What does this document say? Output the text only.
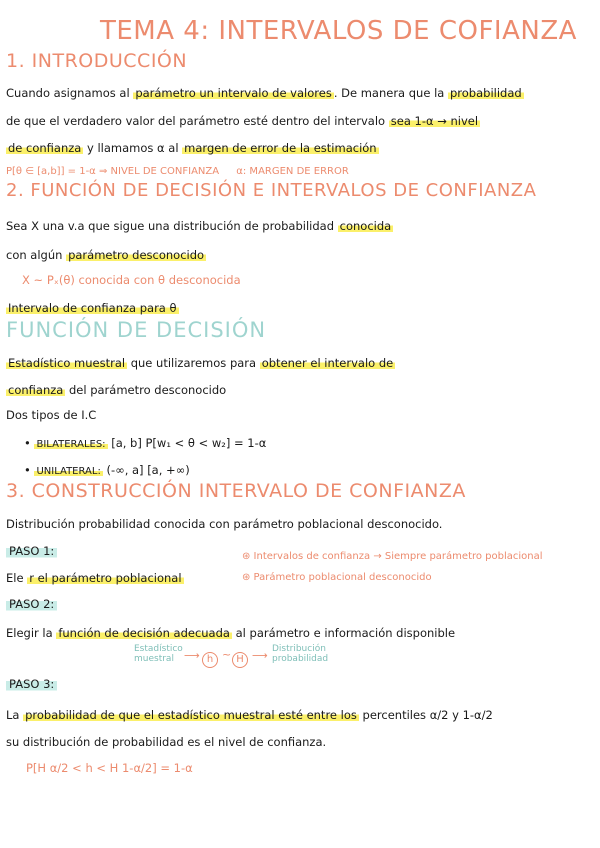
TEMA 4: INTERVALOS DE COFIANZA
1. INTRODUCCIÓN
Cuando asignamos al parámetro un intervalo de valores . De manera que la probabilidad
de que el verdadero valor del parámetro esté dentro del intervalo sea 1-α → nivel
de confianza y llamamos α al margen de error de la estimación
P[θ ∈ [a,b]] = 1-α ⇒ NIVEL DE CONFIANZA α: MARGEN DE ERROR
2. FUNCIÓN DE DECISIÓN E INTERVALOS DE CONFIANZA
Sea X una v.a que sigue una distribución de probabilidad conocida
con algún parámetro desconocido
X ~ Pₓ(θ) conocida con θ desconocida
Intervalo de confianza para θ
FUNCIÓN DE DECISIÓN
Estadístico muestral que utilizaremos para obtener el intervalo de
confianza del parámetro desconocido
Dos tipos de I.C
• BILATERALES: [a, b] P[w₁ < θ < w₂] = 1-α
• UNILATERAL: (-∞, a] [a, +∞)
3. CONSTRUCCIÓN INTERVALO DE CONFIANZA
Distribución probabilidad conocida con parámetro poblacional desconocido.
PASO 1:
Ele r el parámetro poblacional
⊛ Intervalos de confianza → Siempre parámetro poblacional
⊛ Parámetro poblacional desconocido
PASO 2:
Elegir la función de decisión adecuada al parámetro e información disponible
Estadístico
muestral ⟶ h ~ H ⟶ Distribución
probabilidad
PASO 3:
La probabilidad de que el estadístico muestral esté entre los percentiles α/2 y 1-α/2
su distribución de probabilidad es el nivel de confianza.
P[H α/2 < h < H 1-α/2] = 1-α
